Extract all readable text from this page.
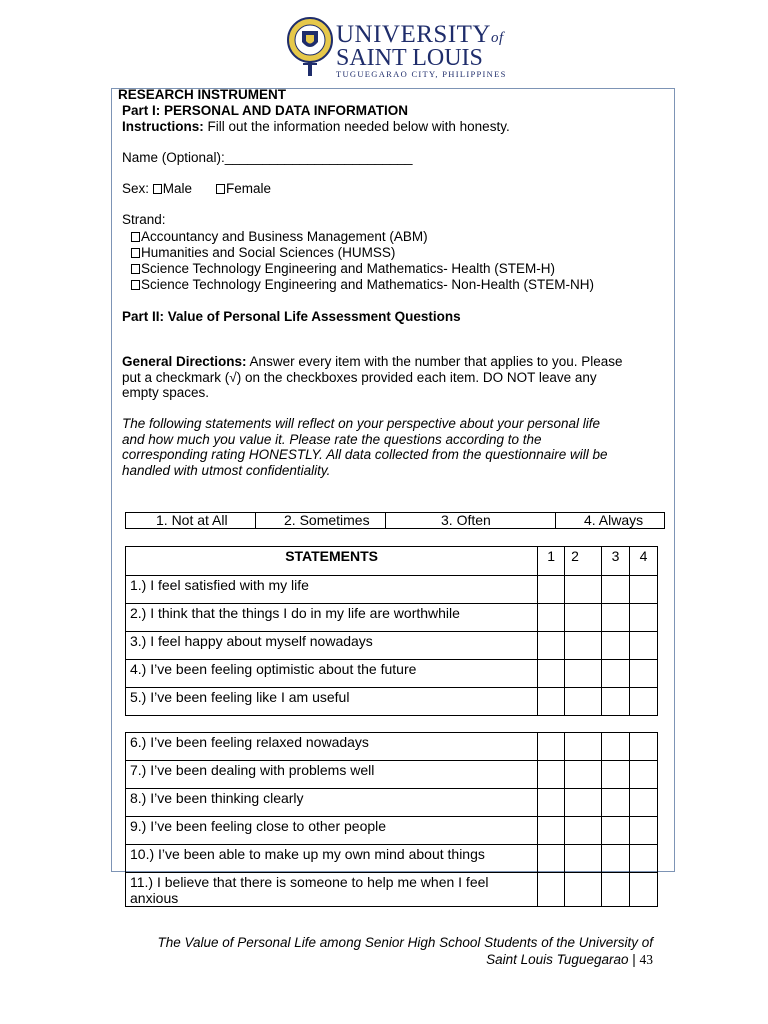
UNIVERSITYof
SAINT LOUIS
TUGUEGARAO CITY, PHILIPPINES
RESEARCH INSTRUMENT
Part I: PERSONAL AND DATA INFORMATION
Instructions: Fill out the information needed below with honesty.
Name (Optional):_________________________
Sex: Male	Female
Strand:
Accountancy and Business Management (ABM)
Humanities and Social Sciences (HUMSS)
Science Technology Engineering and Mathematics- Health (STEM-H)
Science Technology Engineering and Mathematics- Non-Health (STEM-NH)
Part II: Value of Personal Life Assessment Questions
General Directions: Answer every item with the number that applies to you. Please
put a checkmark (√) on the checkboxes provided each item. DO NOT leave any
empty spaces.
The following statements will reflect on your perspective about your personal life
and how much you value it. Please rate the questions according to the
corresponding rating HONESTLY. All data collected from the questionnaire will be
handled with utmost confidentiality.
1. Not at All	2. Sometimes	3. Often	4. Always
STATEMENTS	1	2	3	4
1.) I feel satisfied with my life				
2.) I think that the things I do in my life are worthwhile				
3.) I feel happy about myself nowadays				
4.) I’ve been feeling optimistic about the future				
5.) I’ve been feeling like I am useful				
6.) I’ve been feeling relaxed nowadays				
7.) I’ve been dealing with problems well				
8.) I’ve been thinking clearly				
9.) I’ve been feeling close to other people				
10.) I’ve been able to make up my own mind about things				

11.) I believe that there is someone to help me when I feel
anxious				

The Value of Personal Life among Senior High School Students of the University of
Saint Louis Tuguegarao | 43
